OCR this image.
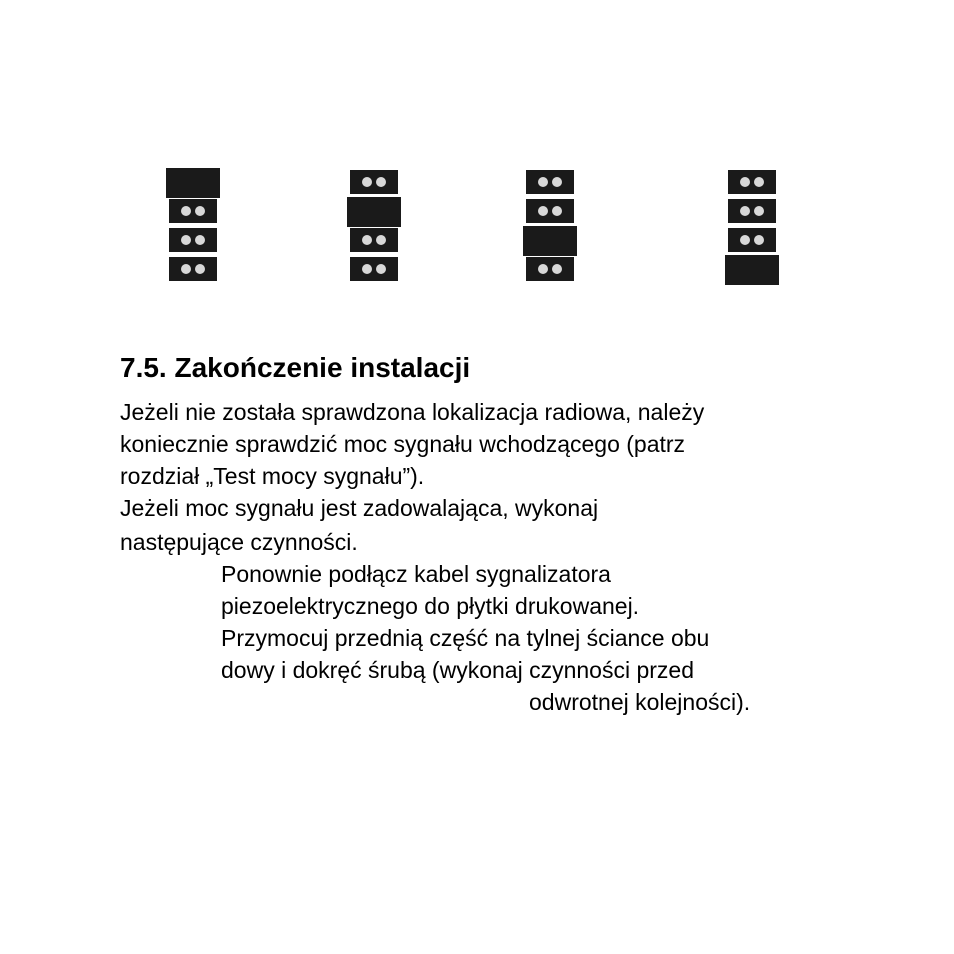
7.5. Zakończenie instalacji
Jeżeli nie została sprawdzona lokalizacja radiowa, należy
koniecznie sprawdzić moc sygnału wchodzącego (patrz
rozdział „Test mocy sygnału”).
Jeżeli moc sygnału jest zadowalająca, wykonaj
następujące czynności.
Ponownie podłącz kabel sygnalizatora
piezoelektrycznego do płytki drukowanej.
Przymocuj przednią część na tylnej ściance obu
dowy i dokręć śrubą (wykonaj czynności przed
odwrotnej kolejności).
